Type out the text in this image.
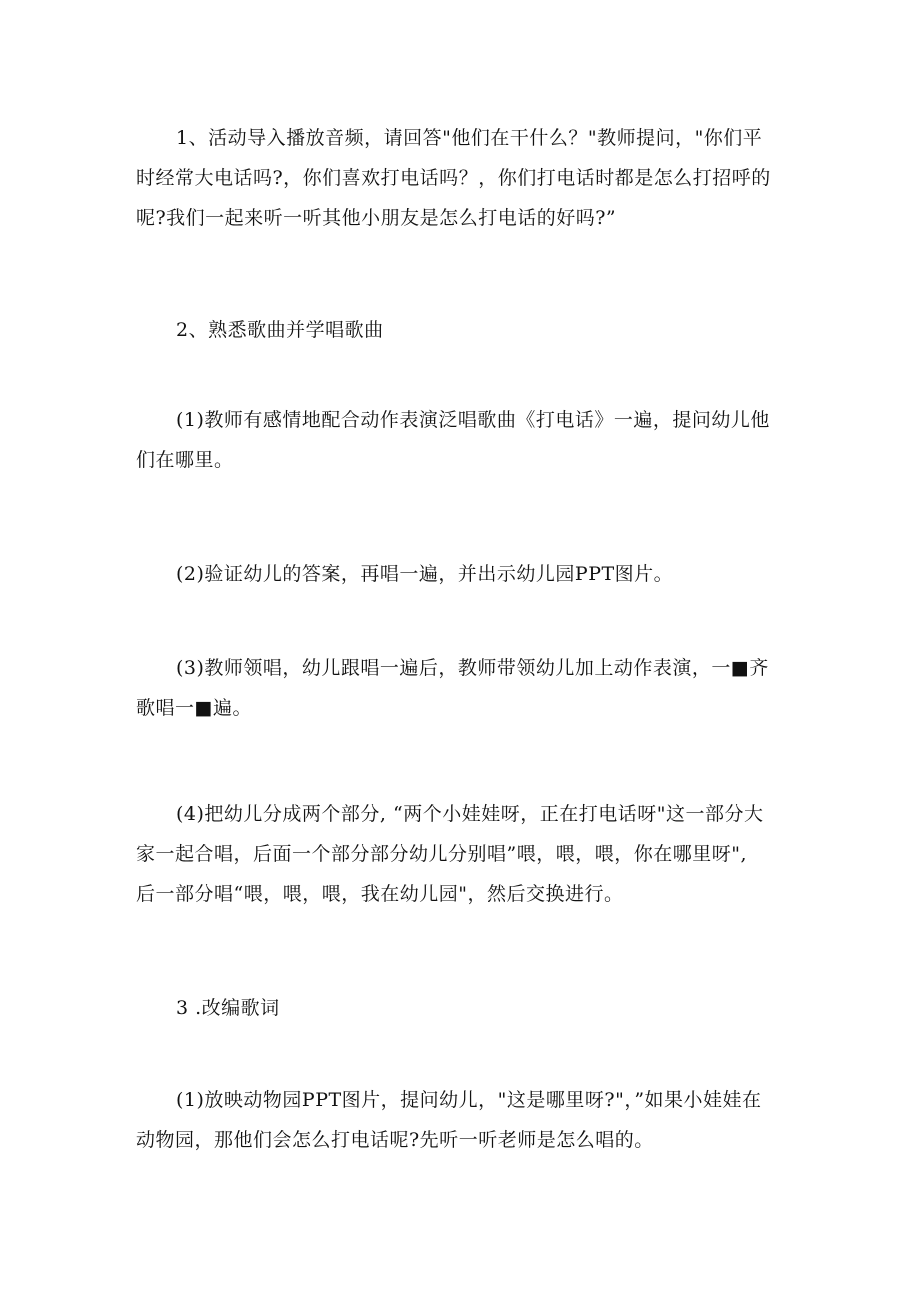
1、活动导入播放音频，请回答"他们在干什么？"教师提问，"你们平
时经常大电话吗?，你们喜欢打电话吗？，你们打电话时都是怎么打招呼的
呢?我们一起来听一听其他小朋友是怎么打电话的好吗?”

2、熟悉歌曲并学唱歌曲

(1)教师有感情地配合动作表演泛唱歌曲《打电话》一遍，提问幼儿他
们在哪里。

(2)验证幼儿的答案，再唱一遍，并出示幼儿园PPT图片。

(3)教师领唱，幼儿跟唱一遍后，教师带领幼儿加上动作表演，一■齐
歌唱一■遍。

(4)把幼儿分成两个部分, “两个小娃娃呀，正在打电话呀"这一部分大
家一起合唱，后面一个部分部分幼儿分别唱”喂，喂，喂，你在哪里呀",
后一部分唱“喂，喂，喂，我在幼儿园"，然后交换进行。

3 .改编歌词

(1)放映动物园PPT图片，提问幼儿，"这是哪里呀?"，”如果小娃娃在
动物园，那他们会怎么打电话呢?先听一听老师是怎么唱的。
